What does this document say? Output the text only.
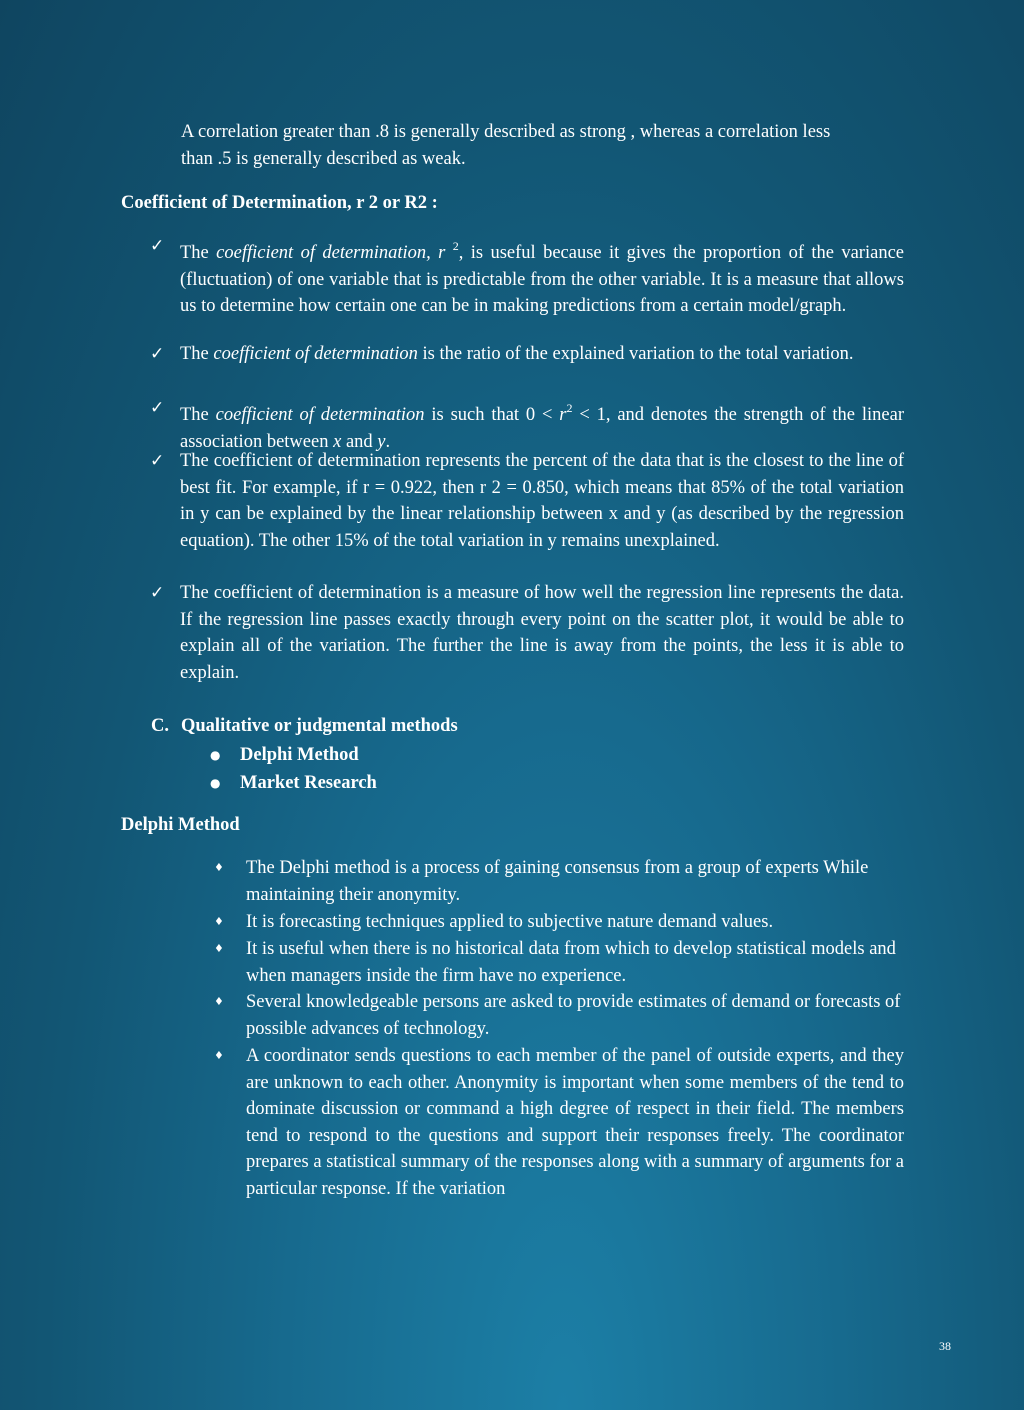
A correlation greater than .8 is generally described as strong , whereas a correlation less
than .5 is generally described as weak.
Coefficient of Determination, r 2 or R2 :
✓ The coefficient of determination, r $^2$, is useful because it gives the proportion of the variance (fluctuation) of one variable that is predictable from the other variable. It is a measure that allows us to determine how certain one can be in making predictions from a certain model/graph.
✓ The coefficient of determination is the ratio of the explained variation to the total variation.
✓ The coefficient of determination is such that $0 < r^2 < 1$, and denotes the strength of the linear association between x and y.
✓ The coefficient of determination represents the percent of the data that is the closest to the line of best fit. For example, if r = 0.922, then r 2 = 0.850, which means that 85% of the total variation in y can be explained by the linear relationship between x and y (as described by the regression equation). The other 15% of the total variation in y remains unexplained.
✓ The coefficient of determination is a measure of how well the regression line represents the data. If the regression line passes exactly through every point on the scatter plot, it would be able to explain all of the variation. The further the line is away from the points, the less it is able to explain.
C. Qualitative or judgmental methods
● Delphi Method
● Market Research
Delphi Method
♦ The Delphi method is a process of gaining consensus from a group of experts While maintaining their anonymity.
♦ It is forecasting techniques applied to subjective nature demand values.
♦ It is useful when there is no historical data from which to develop statistical models and when managers inside the firm have no experience.
♦ Several knowledgeable persons are asked to provide estimates of demand or forecasts of possible advances of technology.
♦ A coordinator sends questions to each member of the panel of outside experts, and they are unknown to each other. Anonymity is important when some members of the tend to dominate discussion or command a high degree of respect in their field. The members tend to respond to the questions and support their responses freely. The coordinator prepares a statistical summary of the responses along with a summary of arguments for a particular response. If the variation
38
